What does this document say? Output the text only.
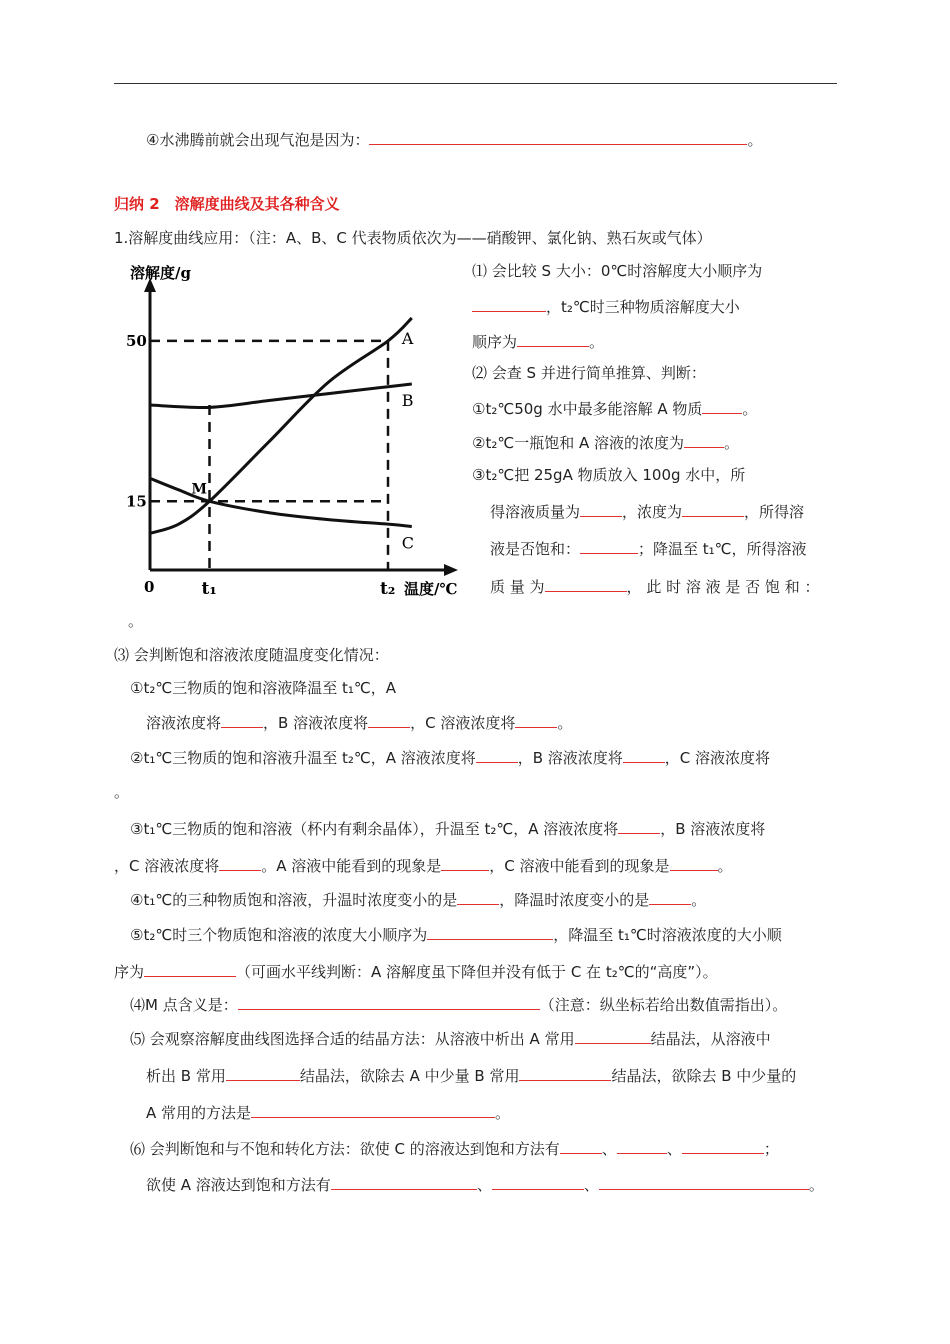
④水沸腾前就会出现气泡是因为：	。
归纳 2　溶解度曲线及其各种含义
1.溶解度曲线应用：（注：A、B、C 代表物质依次为——硝酸钾、氯化钠、熟石灰或气体）
A
B
C
50
15
0	t₁	t₂ 温度/℃
溶解度/g
M
⑴ 会比较 S 大小：0℃时溶解度大小顺序为
，t₂℃时三种物质溶解度大小
顺序为	。
⑵ 会查 S 并进行简单推算、判断：
①t₂℃50g 水中最多能溶解 A 物质	。
②t₂℃一瓶饱和 A 溶液的浓度为	。
③t₂℃把 25gA 物质放入 100g 水中，所
得溶液质量为	，浓度为	，所得溶
液是否饱和：	；降温至 t₁℃，所得溶液
质 量 为	， 此 时 溶 液 是 否 饱 和 ：
。
⑶ 会判断饱和溶液浓度随温度变化情况：
①t₂℃三物质的饱和溶液降温至 t₁℃，A
溶液浓度将	，B 溶液浓度将	，C 溶液浓度将	。
②t₁℃三物质的饱和溶液升温至 t₂℃，A 溶液浓度将	，B 溶液浓度将	，C 溶液浓度将
。
③t₁℃三物质的饱和溶液（杯内有剩余晶体），升温至 t₂℃，A 溶液浓度将	，B 溶液浓度将
，C 溶液浓度将	。A 溶液中能看到的现象是	，C 溶液中能看到的现象是	。
④t₁℃的三种物质饱和溶液，升温时浓度变小的是	，降温时浓度变小的是	。
⑤t₂℃时三个物质饱和溶液的浓度大小顺序为	，降温至 t₁℃时溶液浓度的大小顺
序为	（可画水平线判断：A 溶解度虽下降但并没有低于 C 在 t₂℃的“高度”）。
⑷M 点含义是：	（注意：纵坐标若给出数值需指出）。
⑸ 会观察溶解度曲线图选择合适的结晶方法：从溶液中析出 A 常用	结晶法，从溶液中
析出 B 常用	结晶法，欲除去 A 中少量 B 常用	结晶法，欲除去 B 中少量的
A 常用的方法是	。
⑹ 会判断饱和与不饱和转化方法：欲使 C 的溶液达到饱和方法有	、	、	；
欲使 A 溶液达到饱和方法有	、	、	。
